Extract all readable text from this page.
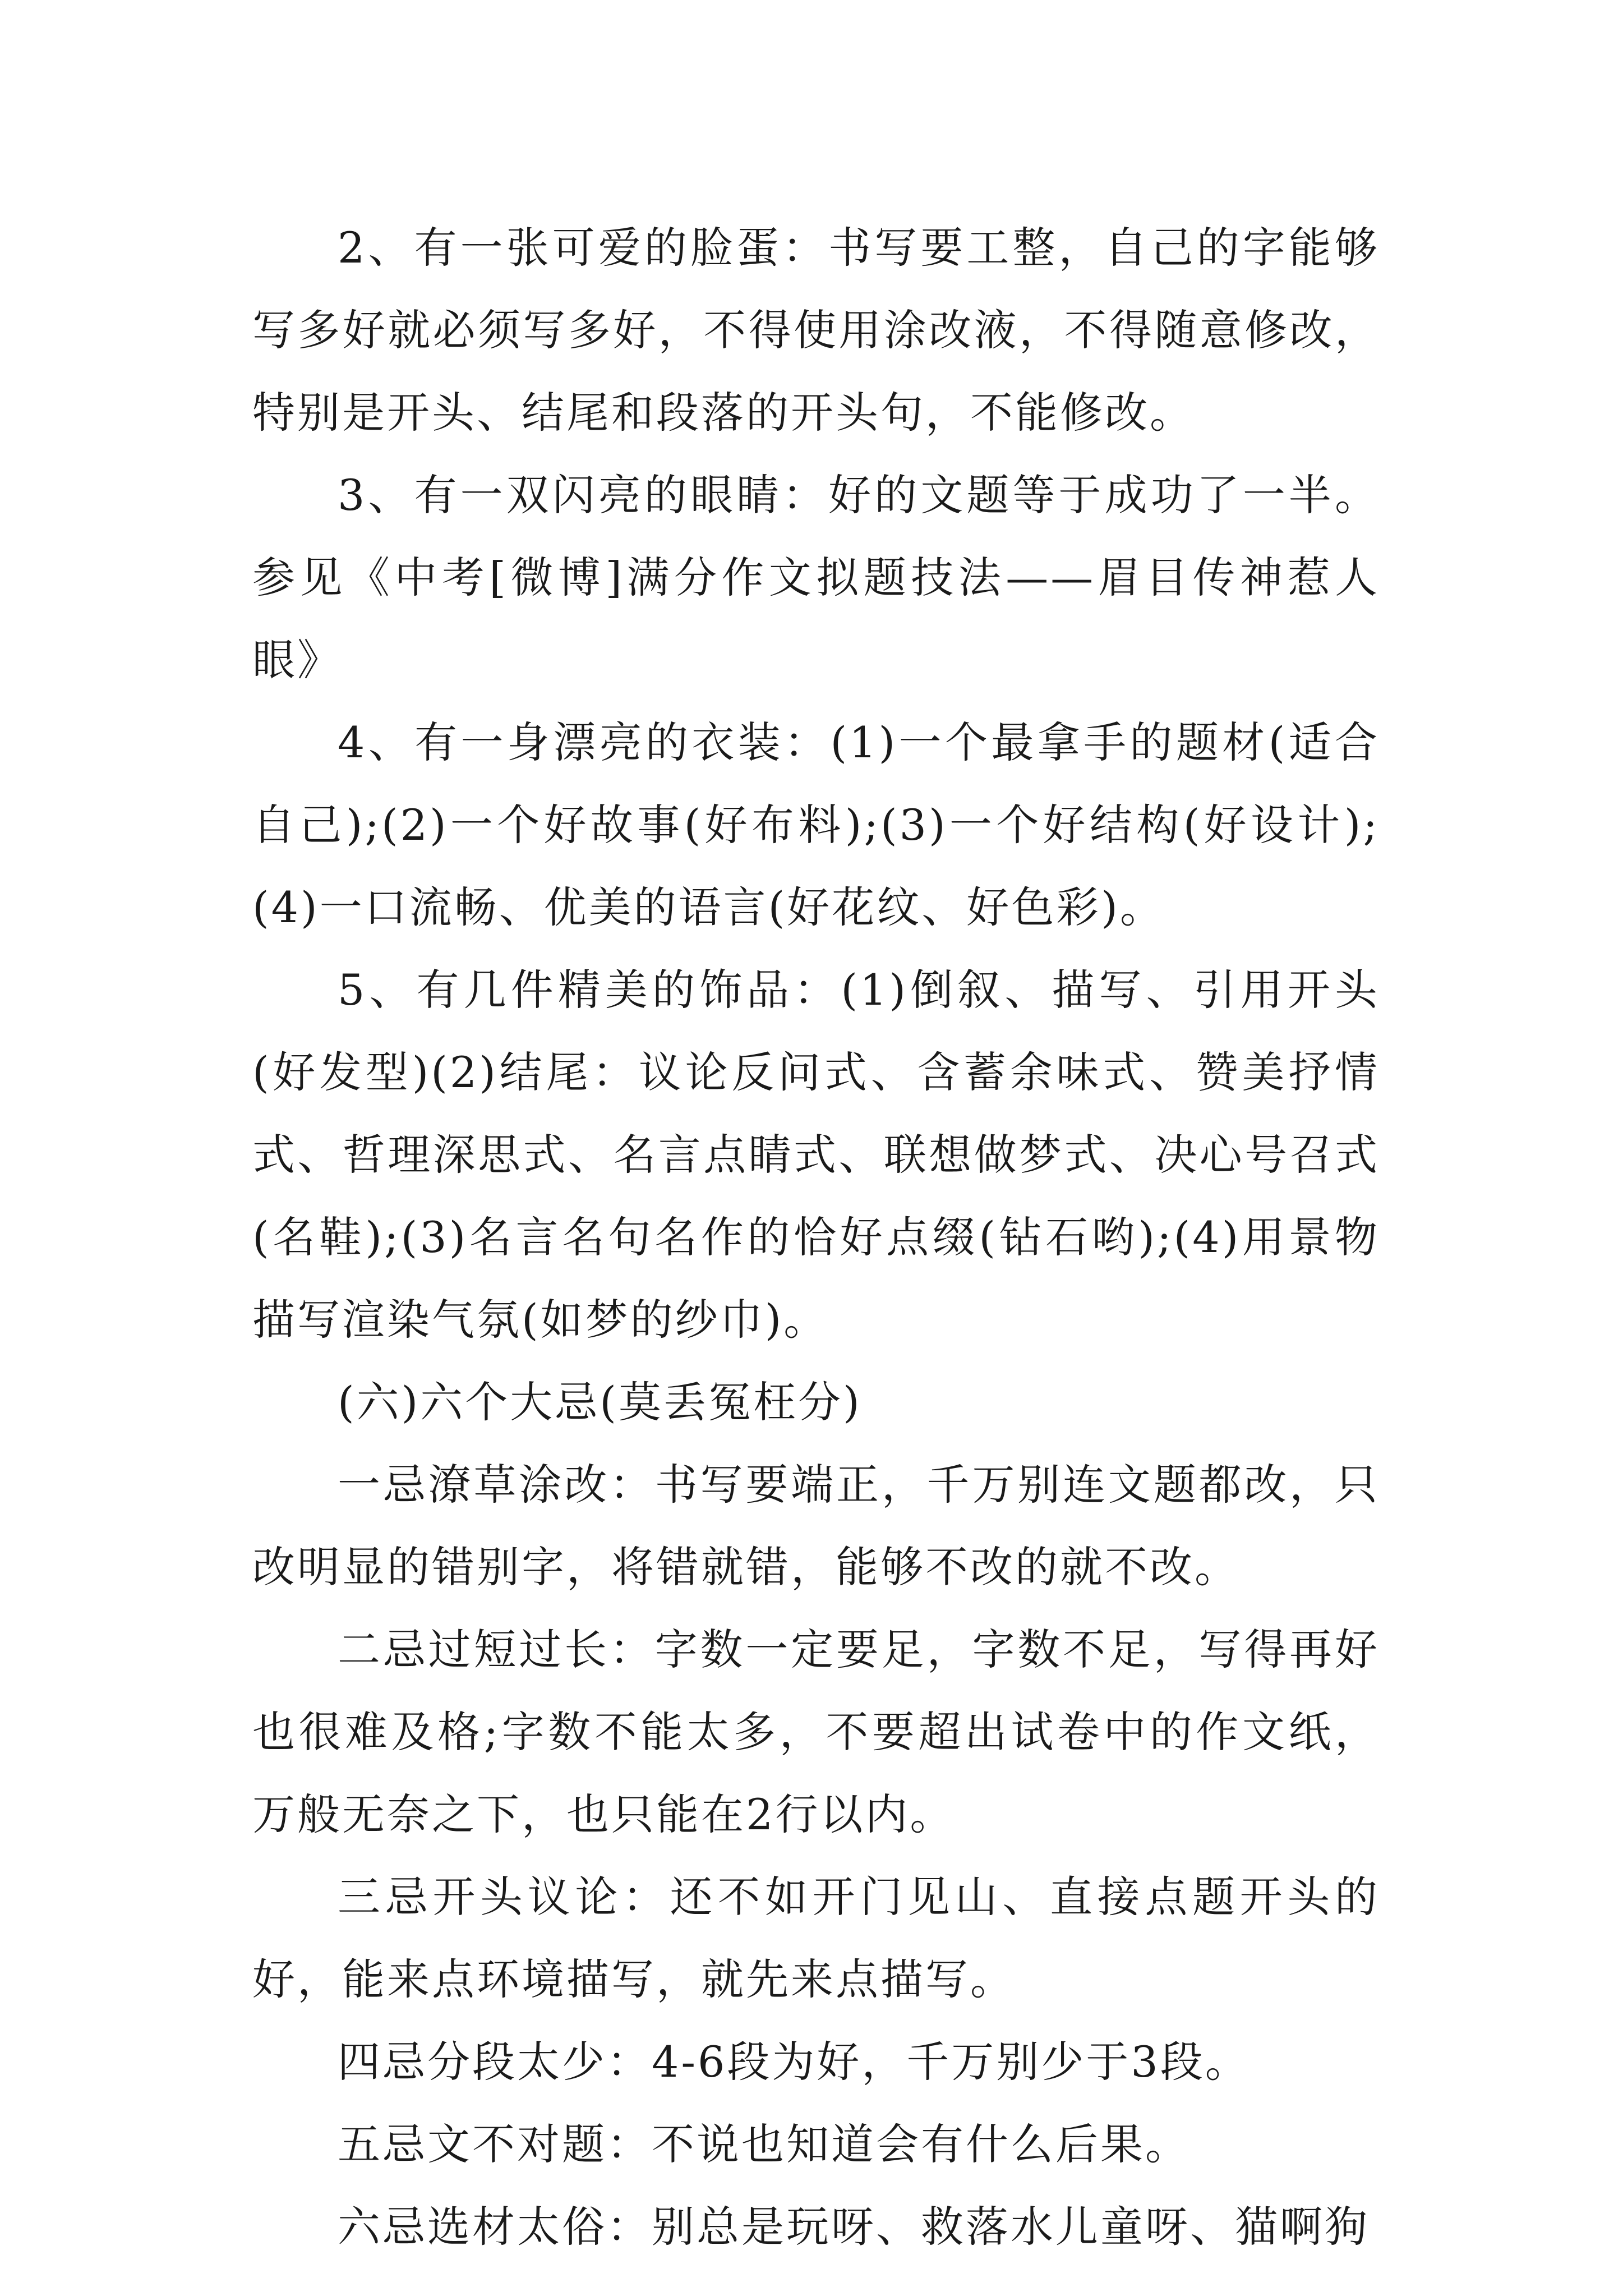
2、有一张可爱的脸蛋：书写要工整，自己的字能够写多好就必须写多好，不得使用涂改液，不得随意修改，特别是开头、结尾和段落的开头句，不能修改。

3、有一双闪亮的眼睛：好的文题等于成功了一半。参见《中考[微博]满分作文拟题技法——眉目传神惹人眼》

4、有一身漂亮的衣装：(1)一个最拿手的题材(适合自己);(2)一个好故事(好布料);(3)一个好结构(好设计);(4)一口流畅、优美的语言(好花纹、好色彩)。

5、有几件精美的饰品：(1)倒叙、描写、引用开头(好发型)(2)结尾：议论反问式、含蓄余味式、赞美抒情式、哲理深思式、名言点睛式、联想做梦式、决心号召式(名鞋);(3)名言名句名作的恰好点缀(钻石哟);(4)用景物描写渲染气氛(如梦的纱巾)。

(六)六个大忌(莫丢冤枉分)

一忌潦草涂改：书写要端正，千万别连文题都改，只改明显的错别字，将错就错，能够不改的就不改。

二忌过短过长：字数一定要足，字数不足，写得再好也很难及格;字数不能太多，不要超出试卷中的作文纸，万般无奈之下，也只能在2行以内。

三忌开头议论：还不如开门见山、直接点题开头的好，能来点环境描写，就先来点描写。

四忌分段太少：4-6段为好，千万别少于3段。

五忌文不对题：不说也知道会有什么后果。

六忌选材太俗：别总是玩呀、救落水儿童呀、猫啊狗
